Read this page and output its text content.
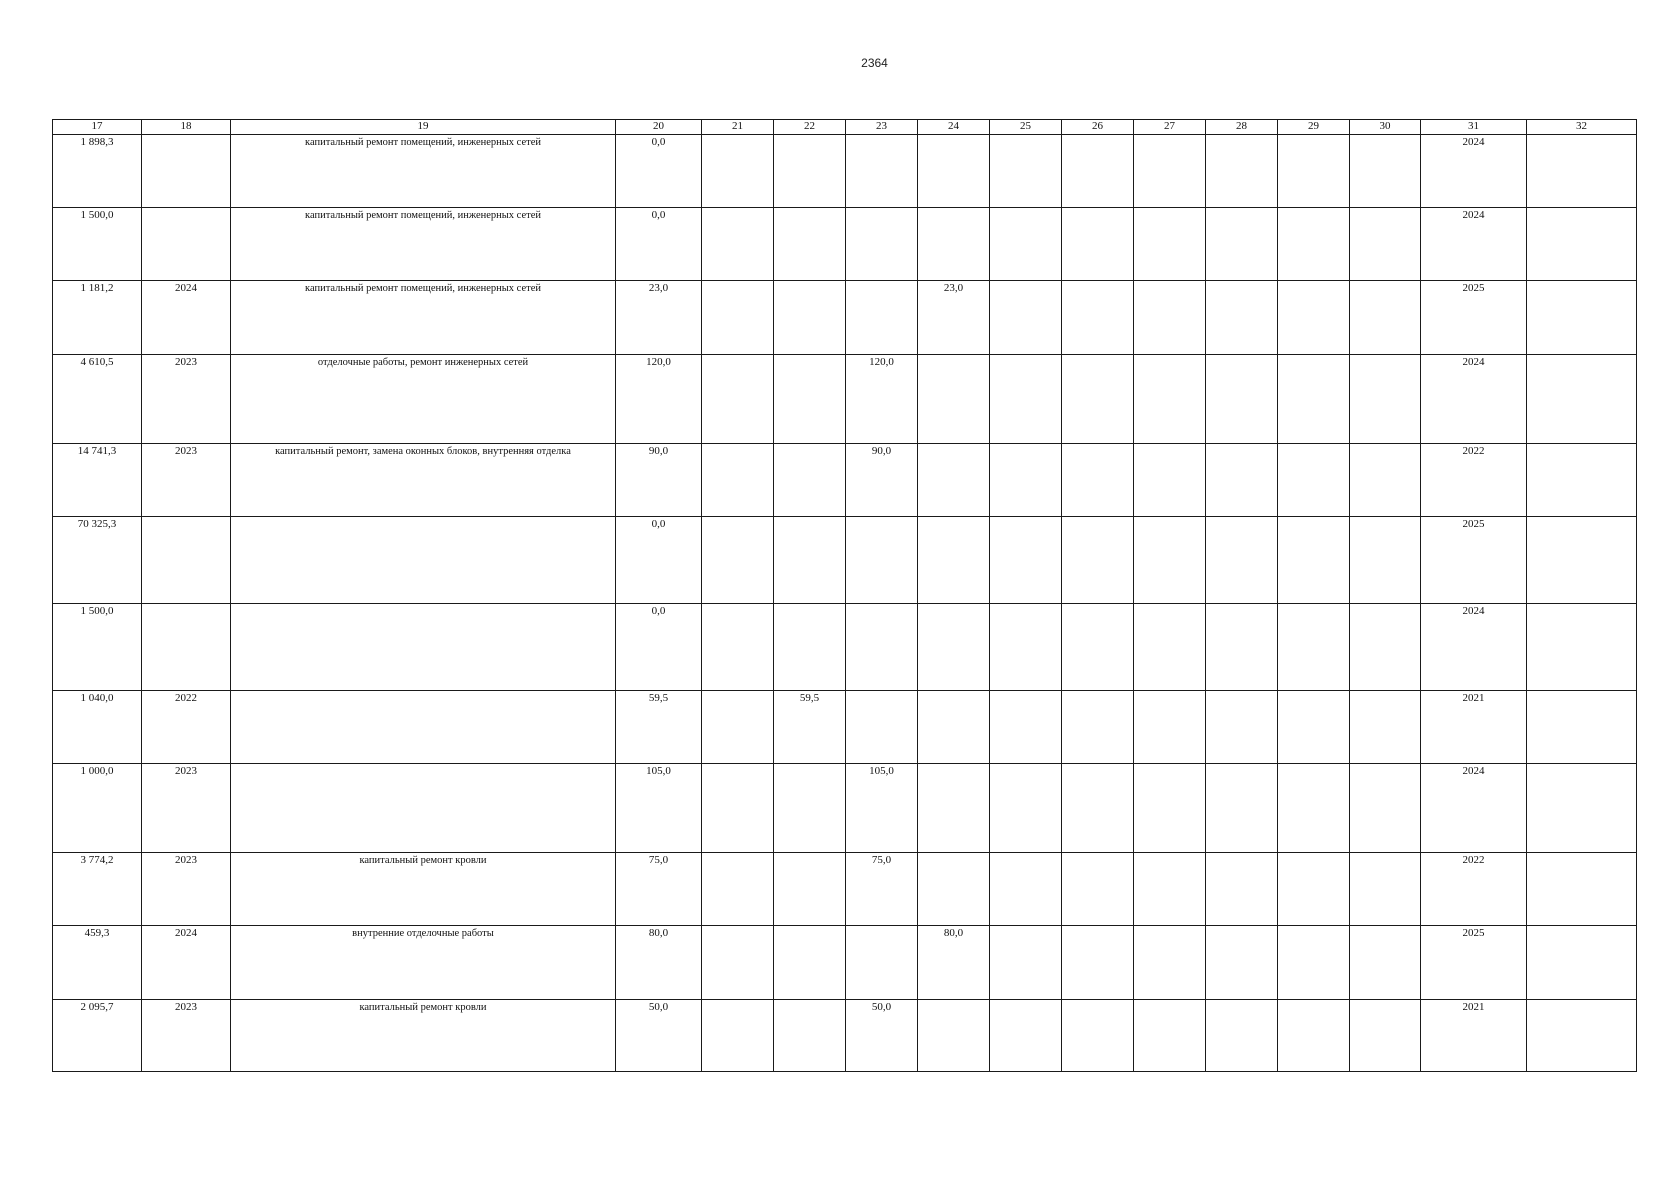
2364
17	18	19	20	21	22	23	24	25	26	27	28	29	30	31	32
1 898,3		капитальный ремонт помещений, инженерных сетей	0,0											2024	
1 500,0		капитальный ремонт помещений, инженерных сетей	0,0											2024	
1 181,2	2024	капитальный ремонт помещений, инженерных сетей	23,0				23,0							2025	
4 610,5	2023	отделочные работы, ремонт инженерных сетей	120,0			120,0								2024	
14 741,3	2023	капитальный ремонт, замена оконных блоков, внутренняя отделка	90,0			90,0								2022	
70 325,3			0,0											2025	
1 500,0			0,0											2024	
1 040,0	2022		59,5		59,5									2021	
1 000,0	2023		105,0			105,0								2024	
3 774,2	2023	капитальный ремонт кровли	75,0			75,0								2022	
459,3	2024	внутренние отделочные работы	80,0				80,0							2025	
2 095,7	2023	капитальный ремонт кровли	50,0			50,0								2021	
